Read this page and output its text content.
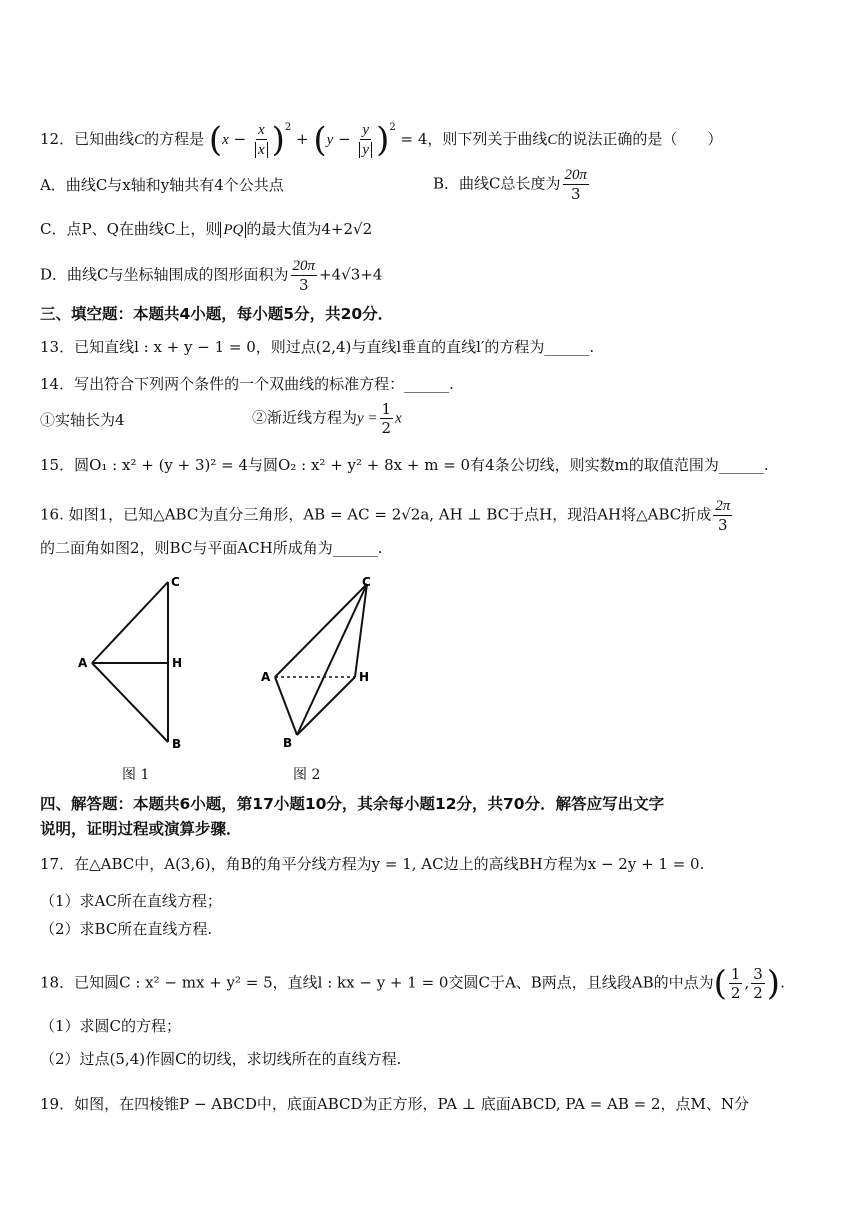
12．已知曲线C的方程是 $(x - \frac{x}{x} )^2 + (y - \frac{y}{y} )^2 = 4$，则下列关于曲线C的说法正确的是（　　）
A．曲线C与x轴和y轴共有4个公共点	B．曲线C总长度为 $\frac{20\pi}{3}$
C．点P、Q在曲线C上，则 PQ 的最大值为4+2√2
D．曲线C与坐标轴围成的图形面积为 $\frac{20\pi}{3} +4√3+4$
三、填空题：本题共4小题，每小题5分，共20分．
13．已知直线l : x + y − 1 = 0，则过点(2,4)与直线l垂直的直线l′的方程为______.
14．写出符合下列两个条件的一个双曲线的标准方程：______.
①实轴长为4	②渐近线方程为$y = \frac{1}{2}$ x
15．圆O₁ : x² + (y + 3)² = 4与圆O₂ : x² + y² + 8x + m = 0有4条公切线，则实数m的取值范围为______.
16. 如图1，已知△ABC为直分三角形，AB = AC = 2√2a, AH ⊥ BC于点H，现沿AH将△ABC折成 $\frac{2\pi}{3}$
的二面角如图2，则BC与平面ACH所成角为______.
C
A	H
B
C
A	H
B
图 1	图 2
四、解答题：本题共6小题，第17小题10分，其余每小题12分，共70分．解答应写出文字
说明，证明过程或演算步骤．
17．在△ABC中，A(3,6)，角B的角平分线方程为y = 1, AC边上的高线BH方程为x − 2y + 1 = 0.
（1）求AC所在直线方程；
（2）求BC所在直线方程.
18．已知圆C : x² − mx + y² = 5，直线l : kx − y + 1 = 0交圆C于A、B两点，且线段AB的中点为( $\frac{1}{2}$ , $\frac{3}{2}$ ).
（1）求圆C的方程；
（2）过点(5,4)作圆C的切线，求切线所在的直线方程.
19．如图，在四棱锥P − ABCD中，底面ABCD为正方形，PA ⊥ 底面ABCD, PA = AB = 2，点M、N分
